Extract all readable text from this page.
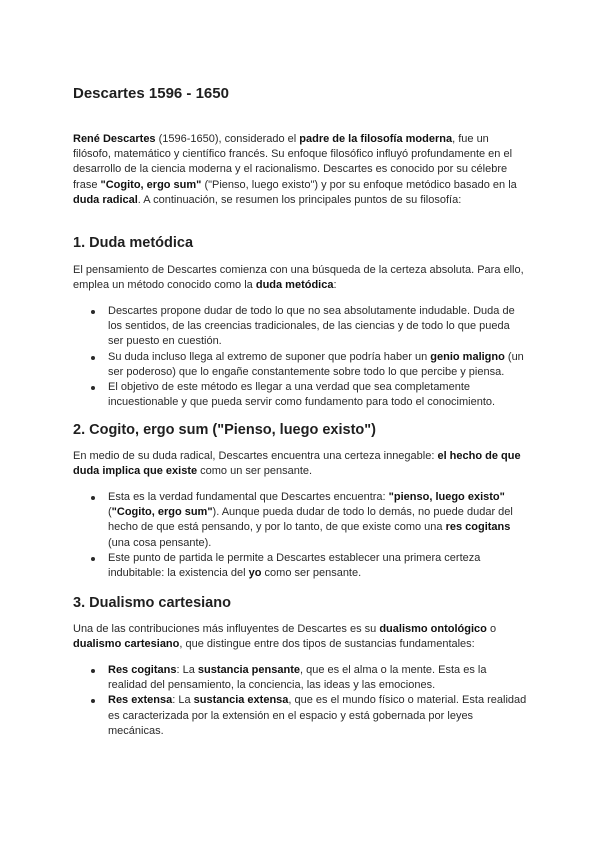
Descartes 1596 - 1650

René Descartes (1596-1650), considerado el padre de la filosofía moderna, fue un filósofo, matemático y científico francés. Su enfoque filosófico influyó profundamente en el desarrollo de la ciencia moderna y el racionalismo. Descartes es conocido por su célebre frase "Cogito, ergo sum" ("Pienso, luego existo") y por su enfoque metódico basado en la duda radical. A continuación, se resumen los principales puntos de su filosofía:

1. Duda metódica

El pensamiento de Descartes comienza con una búsqueda de la certeza absoluta. Para ello, emplea un método conocido como la duda metódica:

Descartes propone dudar de todo lo que no sea absolutamente indudable. Duda de los sentidos, de las creencias tradicionales, de las ciencias y de todo lo que pueda ser puesto en cuestión.
Su duda incluso llega al extremo de suponer que podría haber un genio maligno (un ser poderoso) que lo engañe constantemente sobre todo lo que percibe y piensa.
El objetivo de este método es llegar a una verdad que sea completamente incuestionable y que pueda servir como fundamento para todo el conocimiento.
2. Cogito, ergo sum ("Pienso, luego existo")

En medio de su duda radical, Descartes encuentra una certeza innegable: el hecho de que duda implica que existe como un ser pensante.

Esta es la verdad fundamental que Descartes encuentra: "pienso, luego existo" ("Cogito, ergo sum"). Aunque pueda dudar de todo lo demás, no puede dudar del hecho de que está pensando, y por lo tanto, de que existe como una res cogitans (una cosa pensante).
Este punto de partida le permite a Descartes establecer una primera certeza indubitable: la existencia del yo como ser pensante.
3. Dualismo cartesiano

Una de las contribuciones más influyentes de Descartes es su dualismo ontológico o dualismo cartesiano, que distingue entre dos tipos de sustancias fundamentales:

Res cogitans: La sustancia pensante, que es el alma o la mente. Esta es la realidad del pensamiento, la conciencia, las ideas y las emociones.
Res extensa: La sustancia extensa, que es el mundo físico o material. Esta realidad es caracterizada por la extensión en el espacio y está gobernada por leyes mecánicas.
